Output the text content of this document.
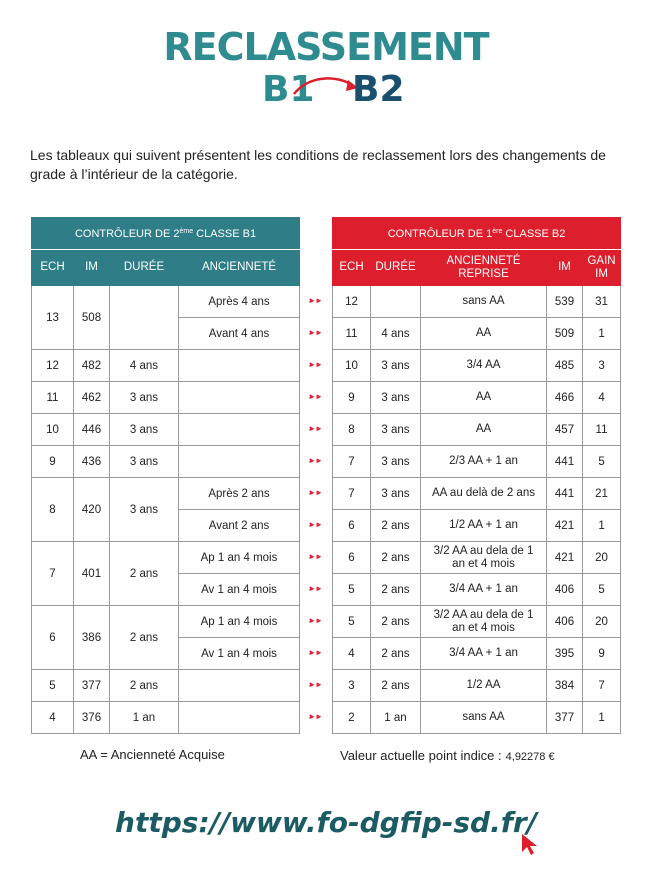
RECLASSEMENT
B1 B2
Les tableaux qui suivent présentent les conditions de reclassement lors des changements de grade à l’intérieur de la catégorie.
CONTRÔLEUR DE 2ème CLASSE B1			
ECH	IM	DURÉE	ANCIENNETÉ
13	508		Après 4 ans
			Avant 4 ans
12	482	4 ans	
11	462	3 ans	
10	446	3 ans	
9	436	3 ans	
8	420	3 ans	Après 2 ans
			Avant 2 ans
7	401	2 ans	Ap 1 an 4 mois
			Av 1 an 4 mois
6	386	2 ans	Ap 1 an 4 mois
			Av 1 an 4 mois
5	377	2 ans	
4	376	1 an	
CONTRÔLEUR DE 1ère CLASSE B2				
ECH	DURÉE	ANCIENNETÉ REPRISE	IM	GAIN IM
12		sans AA	539	31
11	4 ans	AA	509	1
10	3 ans	3/4 AA	485	3
9	3 ans	AA	466	4
8	3 ans	AA	457	11
7	3 ans	2/3 AA + 1 an	441	5
7	3 ans	AA au delà de 2 ans	441	21
6	2 ans	1/2 AA + 1 an	421	1
6	2 ans	3/2 AA au dela de 1 an et 4 mois	421	20
5	2 ans	3/4 AA + 1 an	406	5
5	2 ans	3/2 AA au dela de 1 an et 4 mois	406	20
4	2 ans	3/4 AA + 1 an	395	9
3	2 ans	1/2 AA	384	7
2	1 an	sans AA	377	1
►►
►►
►►
►►
►►
►►
►►
►►
►►
►►
►►
►►
►►
►►
AA = Ancienneté Acquise	Valeur actuelle point indice : 4,92278 €
https://www.fo-dgfip-sd.fr/
